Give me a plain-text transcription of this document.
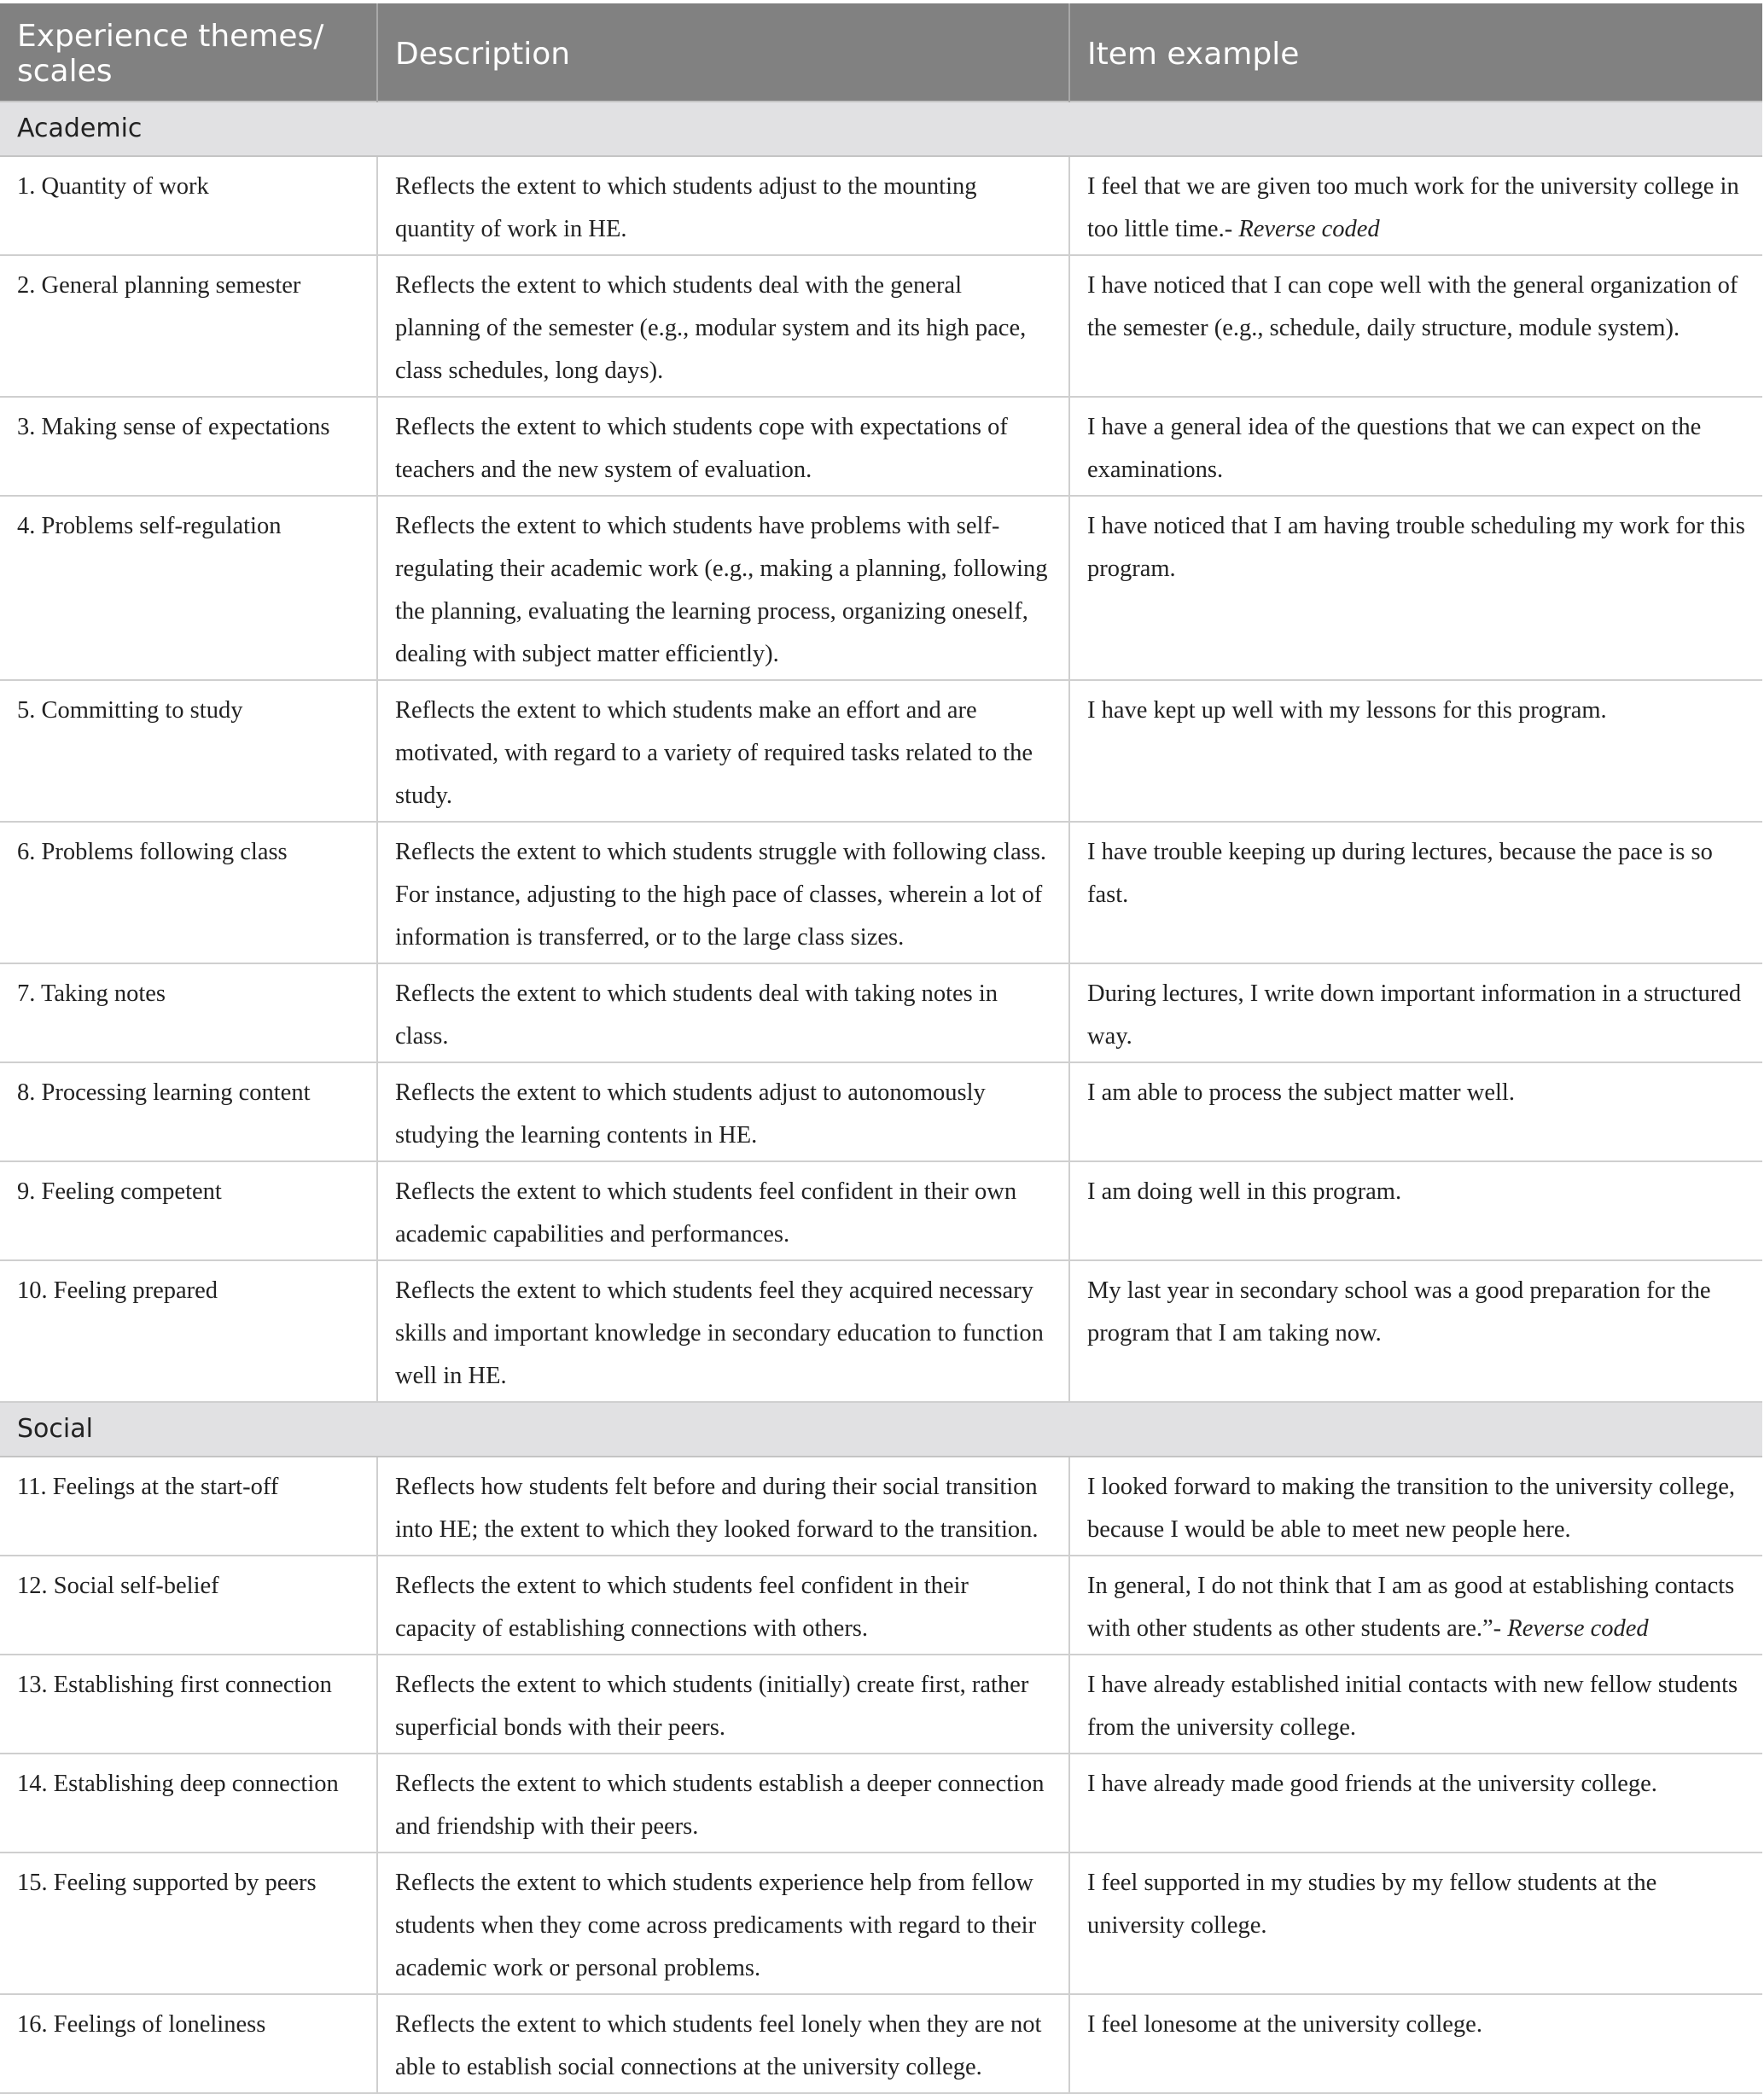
Experience themes/ scales	Description	Item example
Academic		
1. Quantity of work	Reflects the extent to which students adjust to the mounting quantity of work in HE.	I feel that we are given too much work for the university college in too little time.- Reverse coded
2. General planning semester	Reflects the extent to which students deal with the general planning of the semester (e.g., modular system and its high pace, class schedules, long days).	I have noticed that I can cope well with the general organization of the semester (e.g., schedule, daily structure, module system).
3. Making sense of expectations	Reflects the extent to which students cope with expectations of teachers and the new system of evaluation.	I have a general idea of the questions that we can expect on the examinations.
4. Problems self-regulation	Reflects the extent to which students have problems with self-regulating their academic work (e.g., making a planning, following the planning, evaluating the learning process, organizing oneself, dealing with subject matter efficiently).	I have noticed that I am having trouble scheduling my work for this program.
5. Committing to study	Reflects the extent to which students make an effort and are motivated, with regard to a variety of required tasks related to the study.	I have kept up well with my lessons for this program.
6. Problems following class	Reflects the extent to which students struggle with following class. For instance, adjusting to the high pace of classes, wherein a lot of information is transferred, or to the large class sizes.	I have trouble keeping up during lectures, because the pace is so fast.
7. Taking notes	Reflects the extent to which students deal with taking notes in class.	During lectures, I write down important information in a structured way.
8. Processing learning content	Reflects the extent to which students adjust to autonomously studying the learning contents in HE.	I am able to process the subject matter well.
9. Feeling competent	Reflects the extent to which students feel confident in their own academic capabilities and performances.	I am doing well in this program.
10. Feeling prepared	Reflects the extent to which students feel they acquired necessary skills and important knowledge in secondary education to function well in HE.	My last year in secondary school was a good preparation for the program that I am taking now.
Social		
11. Feelings at the start-off	Reflects how students felt before and during their social transition into HE; the extent to which they looked forward to the transition.	I looked forward to making the transition to the university college, because I would be able to meet new people here.
12. Social self-belief	Reflects the extent to which students feel confident in their capacity of establishing connections with others.	In general, I do not think that I am as good at establishing contacts with other students as other students are.”- Reverse coded
13. Establishing first connection	Reflects the extent to which students (initially) create first, rather superficial bonds with their peers.	I have already established initial contacts with new fellow students from the university college.
14. Establishing deep connection	Reflects the extent to which students establish a deeper connection and friendship with their peers.	I have already made good friends at the university college.
15. Feeling supported by peers	Reflects the extent to which students experience help from fellow students when they come across predicaments with regard to their academic work or personal problems.	I feel supported in my studies by my fellow students at the university college.
16. Feelings of loneliness	Reflects the extent to which students feel lonely when they are not able to establish social connections at the university college.	I feel lonesome at the university college.
